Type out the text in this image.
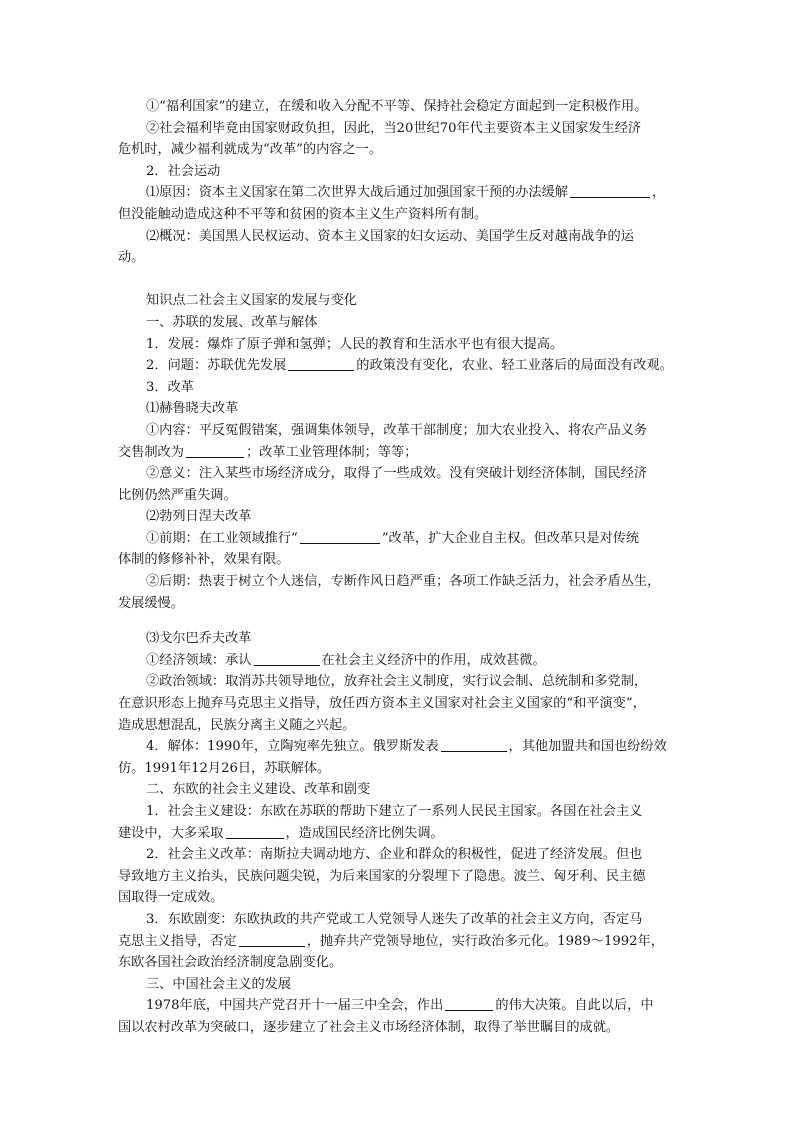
①“福利国家”的建立，在缓和收入分配不平等、保持社会稳定方面起到一定积极作用。
②社会福利毕竟由国家财政负担，因此，当20世纪70年代主要资本主义国家发生经济
危机时，减少福利就成为“改革”的内容之一。
2．社会运动
⑴原因：资本主义国家在第二次世界大战后通过加强国家干预的办法缓解	，
但没能触动造成这种不平等和贫困的资本主义生产资料所有制。
⑵概况：美国黑人民权运动、资本主义国家的妇女运动、美国学生反对越南战争的运
动。
知识点二社会主义国家的发展与变化
一、苏联的发展、改革与解体
1．发展：爆炸了原子弹和氢弹；人民的教育和生活水平也有很大提高。
2．问题：苏联优先发展	的政策没有变化，农业、轻工业落后的局面没有改观。
3．改革
⑴赫鲁晓夫改革
①内容：平反冤假错案，强调集体领导，改革干部制度；加大农业投入、将农产品义务
交售制改为	；改革工业管理体制；等等；
②意义：注入某些市场经济成分，取得了一些成效。没有突破计划经济体制，国民经济
比例仍然严重失调。
⑵勃列日涅夫改革
①前期：在工业领域推行“	”改革，扩大企业自主权。但改革只是对传统
体制的修修补补，效果有限。
②后期：热衷于树立个人迷信，专断作风日趋严重；各项工作缺乏活力，社会矛盾丛生，
发展缓慢。
⑶戈尔巴乔夫改革
①经济领域：承认	在社会主义经济中的作用，成效甚微。
②政治领域：取消苏共领导地位，放弃社会主义制度，实行议会制、总统制和多党制，
在意识形态上抛弃马克思主义指导，放任西方资本主义国家对社会主义国家的“和平演变”，
造成思想混乱，民族分离主义随之兴起。
4．解体：1990年，立陶宛率先独立。俄罗斯发表	，其他加盟共和国也纷纷效
仿。1991年12月26日，苏联解体。
二、东欧的社会主义建设、改革和剧变
1．社会主义建设：东欧在苏联的帮助下建立了一系列人民民主国家。各国在社会主义
建设中，大多采取	，造成国民经济比例失调。
2．社会主义改革：南斯拉夫调动地方、企业和群众的积极性，促进了经济发展。但也
导致地方主义抬头，民族问题尖锐，为后来国家的分裂埋下了隐患。波兰、匈牙利、民主德
国取得一定成效。
3．东欧剧变：东欧执政的共产党或工人党领导人迷失了改革的社会主义方向，否定马
克思主义指导，否定	，抛弃共产党领导地位，实行政治多元化。1989～1992年，
东欧各国社会政治经济制度急剧变化。
三、中国社会主义的发展
1978年底，中国共产党召开十一届三中全会，作出	的伟大决策。自此以后，中
国以农村改革为突破口，逐步建立了社会主义市场经济体制，取得了举世瞩目的成就。
